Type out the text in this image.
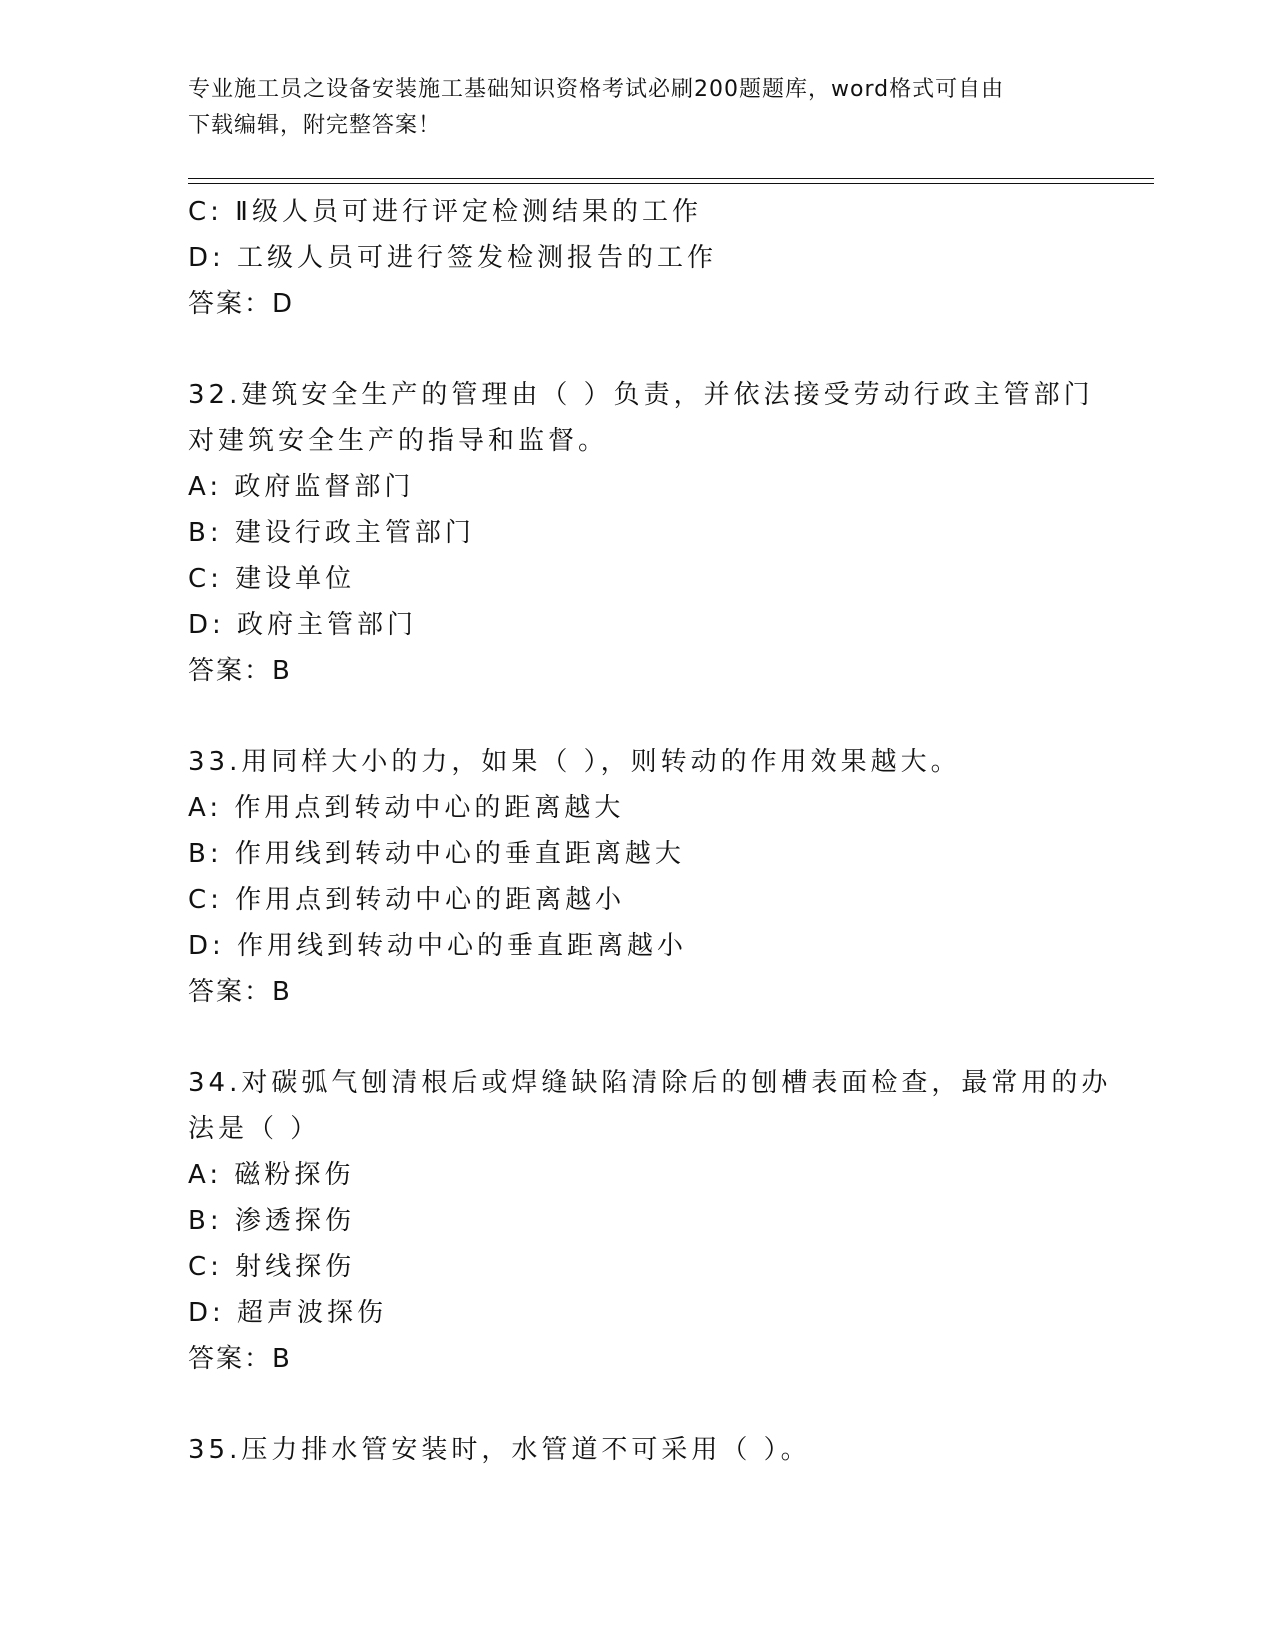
专业施工员之设备安装施工基础知识资格考试必刷200题题库，word格式可自由
下载编辑，附完整答案！
C: Ⅱ级人员可进行评定检测结果的工作
D: 工级人员可进行签发检测报告的工作
答案：D
32.建筑安全生产的管理由（ ）负责，并依法接受劳动行政主管部门
对建筑安全生产的指导和监督。
A: 政府监督部门
B: 建设行政主管部门
C: 建设单位
D: 政府主管部门
答案：B
33.用同样大小的力，如果（ ），则转动的作用效果越大。
A: 作用点到转动中心的距离越大
B: 作用线到转动中心的垂直距离越大
C: 作用点到转动中心的距离越小
D: 作用线到转动中心的垂直距离越小
答案：B
34.对碳弧气刨清根后或焊缝缺陷清除后的刨槽表面检查，最常用的办
法是（ ）
A: 磁粉探伤
B: 渗透探伤
C: 射线探伤
D: 超声波探伤
答案：B
35.压力排水管安装时，水管道不可采用（ ）。
